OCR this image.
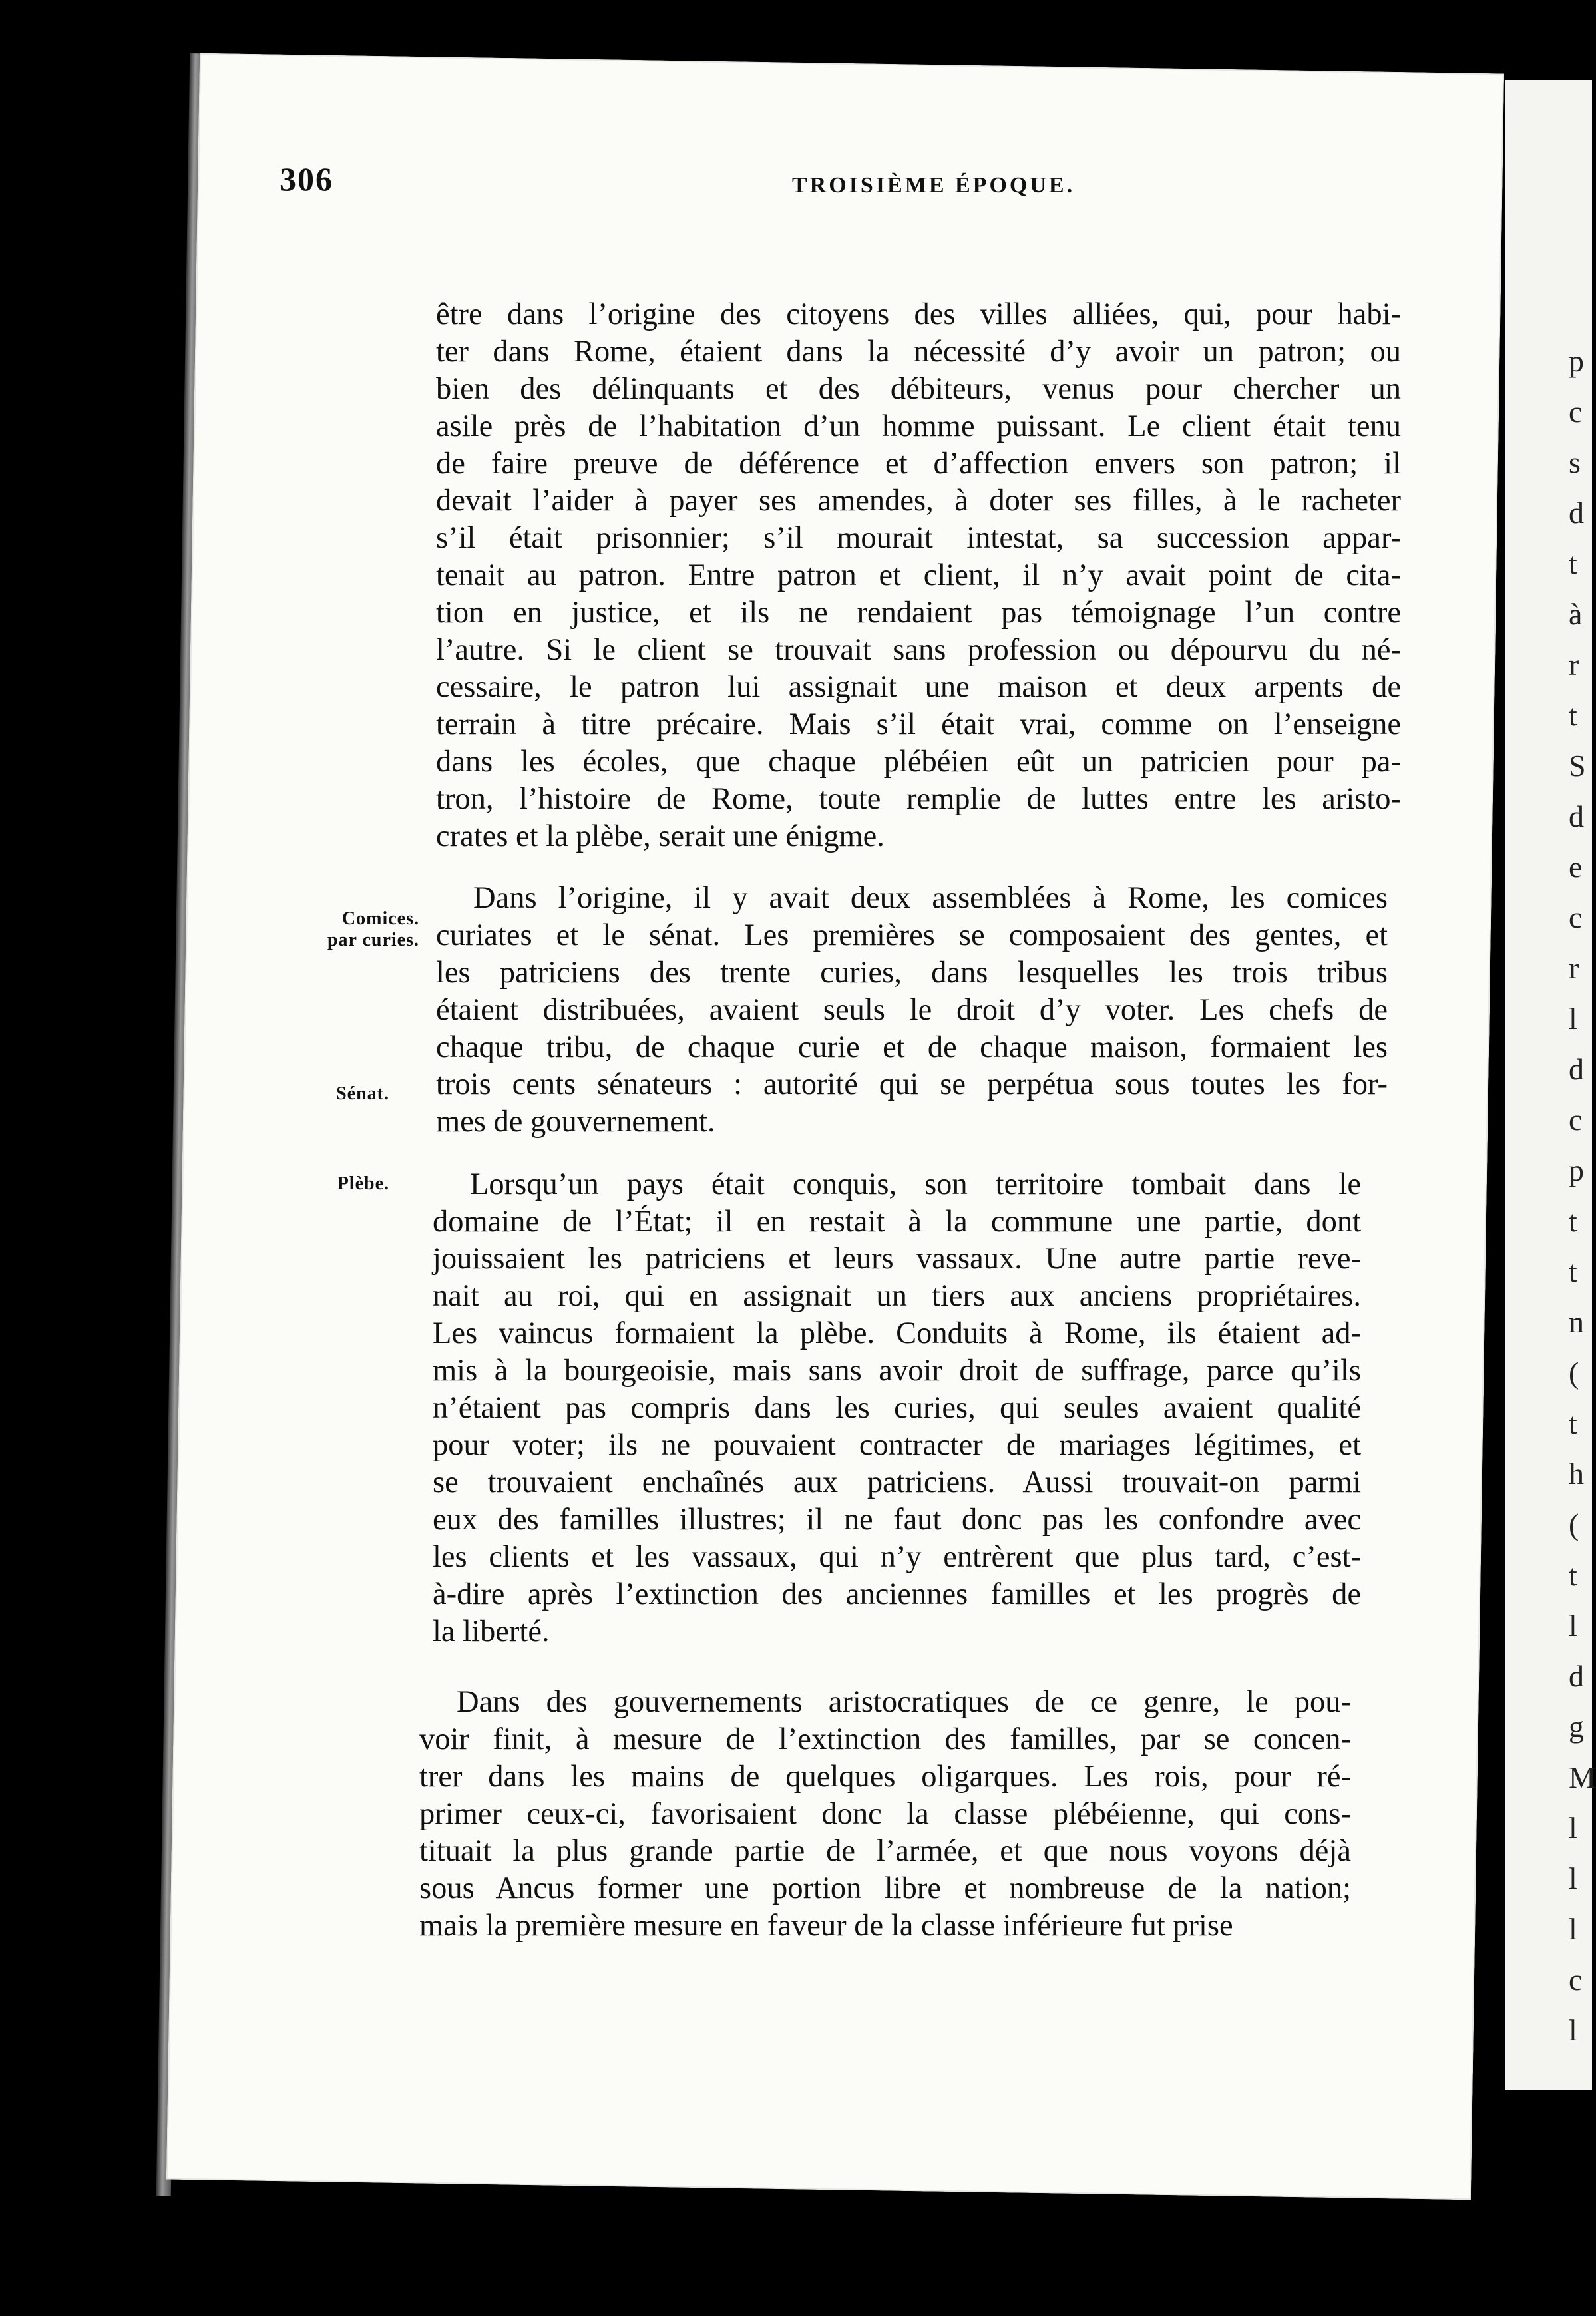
p
c
s
d
t
à
r
t
S
d
e
c
r
l
d
c
p
t
t
n
(
t
h
(
t
l
d
g
M
l
l
l
c
l
306	TROISIÈME ÉPOQUE.
Comices.
par curies.
Sénat.
Plèbe.

être dans l’origine des citoyens des villes alliées, qui, pour habi-
ter dans Rome, étaient dans la nécessité d’y avoir un patron; ou
bien des délinquants et des débiteurs, venus pour chercher un
asile près de l’habitation d’un homme puissant. Le client était tenu
de faire preuve de déférence et d’affection envers son patron; il
devait l’aider à payer ses amendes, à doter ses filles, à le racheter
s’il était prisonnier; s’il mourait intestat, sa succession appar-
tenait au patron. Entre patron et client, il n’y avait point de cita-
tion en justice, et ils ne rendaient pas témoignage l’un contre
l’autre. Si le client se trouvait sans profession ou dépourvu du né-
cessaire, le patron lui assignait une maison et deux arpents de
terrain à titre précaire. Mais s’il était vrai, comme on l’enseigne
dans les écoles, que chaque plébéien eût un patricien pour pa-
tron, l’histoire de Rome, toute remplie de luttes entre les aristo-
crates et la plèbe, serait une énigme.

Dans l’origine, il y avait deux assemblées à Rome, les comices
curiates et le sénat. Les premières se composaient des gentes, et
les patriciens des trente curies, dans lesquelles les trois tribus
étaient distribuées, avaient seuls le droit d’y voter. Les chefs de
chaque tribu, de chaque curie et de chaque maison, formaient les
trois cents sénateurs : autorité qui se perpétua sous toutes les for-
mes de gouvernement.

Lorsqu’un pays était conquis, son territoire tombait dans le
domaine de l’État; il en restait à la commune une partie, dont
jouissaient les patriciens et leurs vassaux. Une autre partie reve-
nait au roi, qui en assignait un tiers aux anciens propriétaires.
Les vaincus formaient la plèbe. Conduits à Rome, ils étaient ad-
mis à la bourgeoisie, mais sans avoir droit de suffrage, parce qu’ils
n’étaient pas compris dans les curies, qui seules avaient qualité
pour voter; ils ne pouvaient contracter de mariages légitimes, et
se trouvaient enchaînés aux patriciens. Aussi trouvait-on parmi
eux des familles illustres; il ne faut donc pas les confondre avec
les clients et les vassaux, qui n’y entrèrent que plus tard, c’est-
à-dire après l’extinction des anciennes familles et les progrès de
la liberté.

Dans des gouvernements aristocratiques de ce genre, le pou-
voir finit, à mesure de l’extinction des familles, par se concen-
trer dans les mains de quelques oligarques. Les rois, pour ré-
primer ceux-ci, favorisaient donc la classe plébéienne, qui cons-
tituait la plus grande partie de l’armée, et que nous voyons déjà
sous Ancus former une portion libre et nombreuse de la nation;
mais la première mesure en faveur de la classe inférieure fut prise
